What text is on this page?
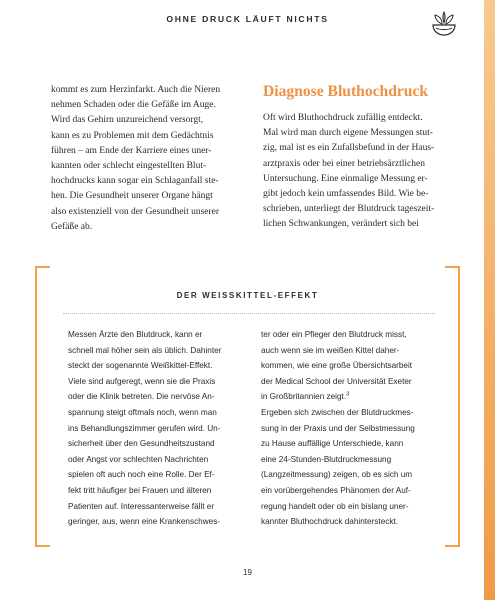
OHNE DRUCK LÄUFT NICHTS

kommt es zum Herzinfarkt. Auch die Nieren

nehmen Schaden oder die Gefäße im Auge.

Wird das Gehirn unzureichend versorgt,

kann es zu Problemen mit dem Gedächtnis

führen – am Ende der Karriere eines uner-

kannten oder schlecht eingestellten Blut-

hochdrucks kann sogar ein Schlaganfall ste-

hen. Die Gesundheit unserer Organe hängt

also existenziell von der Gesundheit unserer

Gefäße ab.

Diagnose Bluthochdruck

Oft wird Bluthochdruck zufällig entdeckt.

Mal wird man durch eigene Messungen stut-

zig, mal ist es ein Zufallsbefund in der Haus-

arztpraxis oder bei einer betriebsärztlichen

Untersuchung. Eine einmalige Messung er-

gibt jedoch kein umfassendes Bild. Wie be-

schrieben, unterliegt der Blutdruck tageszeit-

lichen Schwankungen, verändert sich bei

DER WEISSKITTEL-EFFEKT

Messen Ärzte den Blutdruck, kann er

schnell mal höher sein als üblich. Dahinter

steckt der sogenannte Weißkittel-Effekt.

Viele sind aufgeregt, wenn sie die Praxis

oder die Klinik betreten. Die nervöse An-

spannung steigt oftmals noch, wenn man

ins Behandlungszimmer gerufen wird. Un-

sicherheit über den Gesundheitszustand

oder Angst vor schlechten Nachrichten

spielen oft auch noch eine Rolle. Der Ef-

fekt tritt häufiger bei Frauen und älteren

Patienten auf. Interessanterweise fällt er

geringer, aus, wenn eine Krankenschwes-

ter oder ein Pfleger den Blutdruck misst,

auch wenn sie im weißen Kittel daher-

kommen, wie eine große Übersichtsarbeit

der Medical School der Universität Exeter

in Großbritannien zeigt.$^3$

Ergeben sich zwischen der Blutdruckmes-

sung in der Praxis und der Selbstmessung

zu Hause auffällige Unterschiede, kann

eine 24-Stunden-Blutdruckmessung

(Langzeitmessung) zeigen, ob es sich um

ein vorübergehendes Phänomen der Auf-

regung handelt oder ob ein bislang uner-

kannter Bluthochdruck dahintersteckt.

19
